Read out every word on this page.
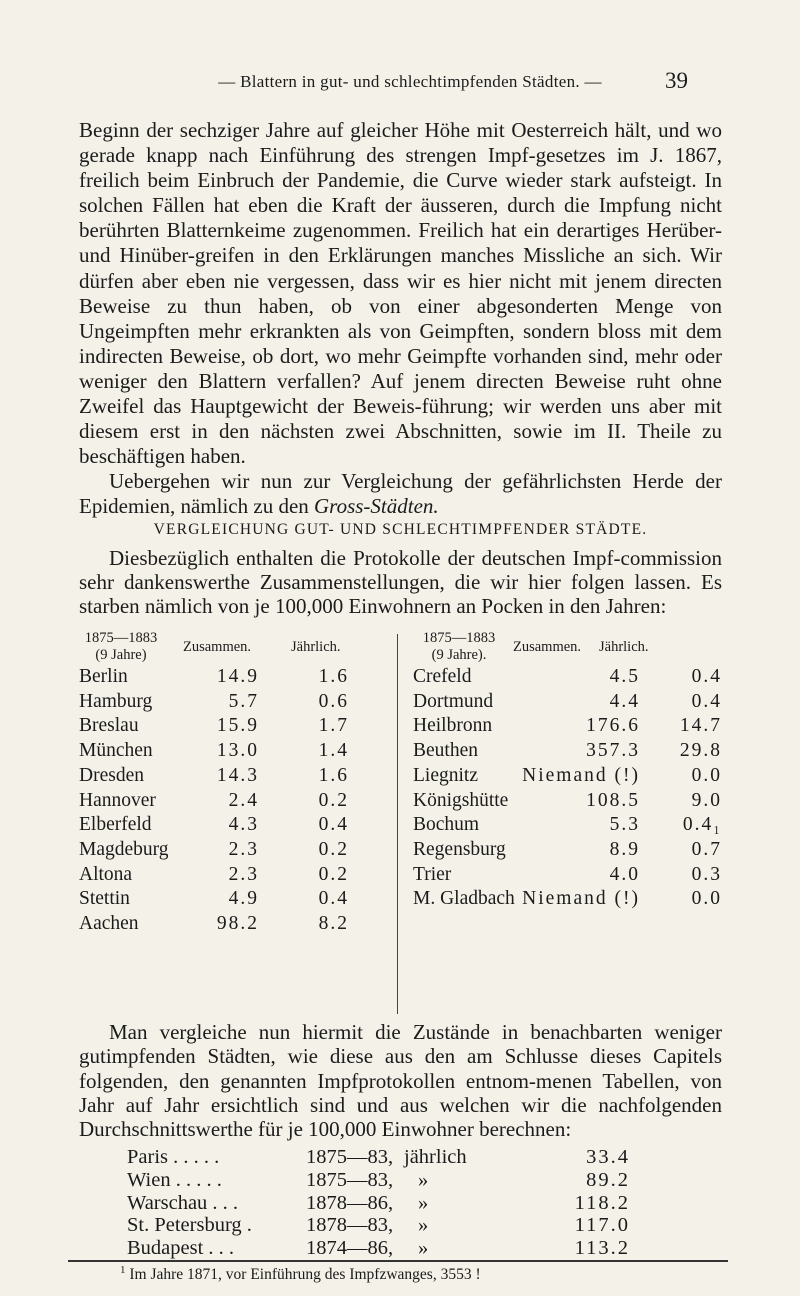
— Blattern in gut- und schlechtimpfenden Städten. —	39

Beginn der sechziger Jahre auf gleicher Höhe mit Oesterreich hält, und wo gerade knapp nach Einführung des strengen Impf-gesetzes im J. 1867, freilich beim Einbruch der Pandemie, die Curve wieder stark aufsteigt. In solchen Fällen hat eben die Kraft der äusseren, durch die Impfung nicht berührten Blatternkeime zugenommen. Freilich hat ein derartiges Herüber- und Hinüber-greifen in den Erklärungen manches Missliche an sich. Wir dürfen aber eben nie vergessen, dass wir es hier nicht mit jenem directen Beweise zu thun haben, ob von einer abgesonderten Menge von Ungeimpften mehr erkrankten als von Geimpften, sondern bloss mit dem indirecten Beweise, ob dort, wo mehr Geimpfte vorhanden sind, mehr oder weniger den Blattern verfallen? Auf jenem directen Beweise ruht ohne Zweifel das Hauptgewicht der Beweis-führung; wir werden uns aber mit diesem erst in den nächsten zwei Abschnitten, sowie im II. Theile zu beschäftigen haben.

Uebergehen wir nun zur Vergleichung der gefährlichsten Herde der Epidemien, nämlich zu den Gross-Städten.

VERGLEICHUNG GUT- UND SCHLECHTIMPFENDER STÄDTE.

Diesbezüglich enthalten die Protokolle der deutschen Impf-commission sehr dankenswerthe Zusammenstellungen, die wir hier folgen lassen. Es starben nämlich von je 100,000 Einwohnern an Pocken in den Jahren:

1875—1883
(9 Jahre)	Zusammen.	Jährlich.
1875—1883
(9 Jahre).	Zusammen. Jährlich.
Berlin	14.9	1.6
Hamburg	5.7	0.6
Breslau	15.9	1.7
München	13.0	1.4
Dresden	14.3	1.6
Hannover	2.4	0.2
Elberfeld	4.3	0.4
Magdeburg	2.3	0.2
Altona	2.3	0.2
Stettin	4.9	0.4
Aachen	98.2	8.2
Crefeld	4.5	0.4
Dortmund	4.4	0.4
Heilbronn	176.6 14.7
Beuthen	357.3 29.8
Liegnitz Niemand (!)	0.0
Königshütte	108.5	9.0
Bochum	5.3 0.4₁
Regensburg	8.9	0.7
Trier	4.0	0.3
M. Gladbach Niemand (!)	0.0

Man vergleiche nun hiermit die Zustände in benachbarten weniger gutimpfenden Städten, wie diese aus den am Schlusse dieses Capitels folgenden, den genannten Impfprotokollen entnom-menen Tabellen, von Jahr auf Jahr ersichtlich sind und aus welchen wir die nachfolgenden Durchschnittswerthe für je 100,000 Einwohner berechnen:

Paris . . . . .	1875—83, jährlich	33.4
Wien . . . . .	1875—83, »	89.2
Warschau . . .	1878—86, »	118.2
St. Petersburg .	1878—83, »	117.0
Budapest . . .	1874—86, »	113.2
$^1$ Im Jahre 1871, vor Einführung des Impfzwanges, 3553 !
